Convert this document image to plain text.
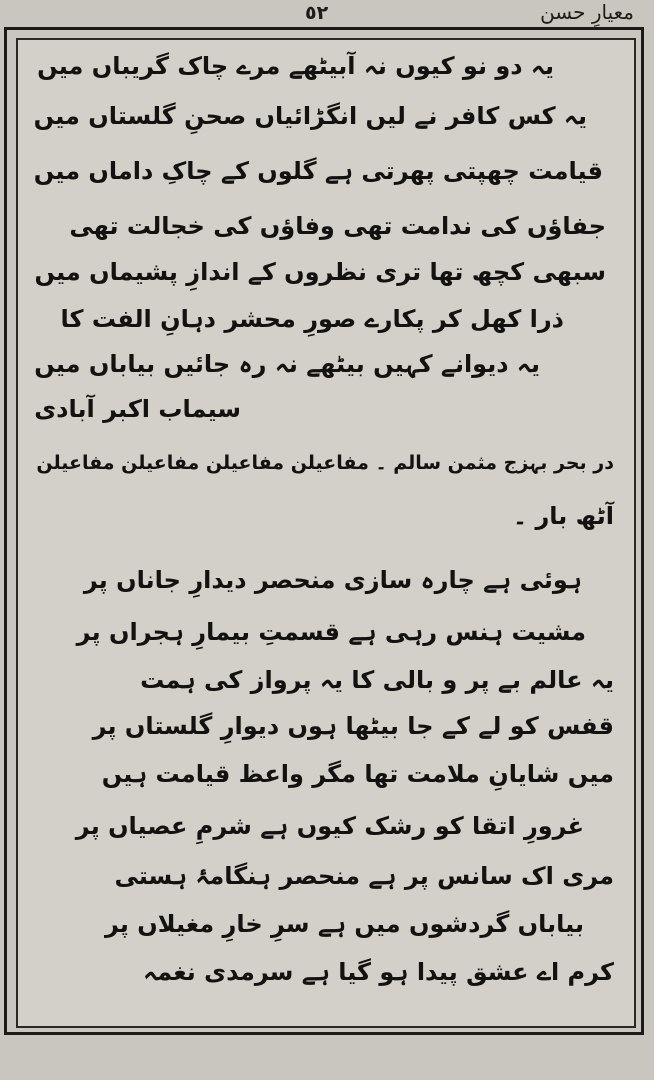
٥٢	معیارِ حسن
یہ دو نو کیوں نہ آبیٹھے مرے چاک گریباں میں
یہ کس کافر نے لیں انگڑائیاں صحنِ گلستاں میں
قیامت چھپتی پھرتی ہے گلوں کے چاکِ داماں میں
جفاؤں کی ندامت تھی وفاؤں کی خجالت تھی
سبھی کچھ تھا تری نظروں کے اندازِ پشیماں میں
ذرا کھل کر پکارے صورِ محشر دہانِ الفت کا
یہ دیوانے کہیں بیٹھے نہ رہ جائیں بیاباں میں
سیماب اکبر آبادی
در بحر بہزج مثمن سالم ۔ مفاعیلن مفاعیلن مفاعیلن مفاعیلن
آٹھ بار ۔
ہوئی ہے چارہ سازی منحصر دیدارِ جاناں پر
مشیت ہنس رہی ہے قسمتِ بیمارِ ہجراں پر
یہ عالم بے پر و بالی کا یہ پرواز کی ہمت
قفس کو لے کے جا بیٹھا ہوں دیوارِ گلستاں پر
میں شایانِ ملامت تھا مگر واعظ قیامت ہیں
غرورِ اتقا کو رشک کیوں ہے شرمِ عصیاں پر
مری اک سانس پر ہے منحصر ہنگامۂ ہستی
بیاباں گردشوں میں ہے سرِ خارِ مغیلاں پر
کرم اے عشق پیدا ہو گیا ہے سرمدی نغمہ
